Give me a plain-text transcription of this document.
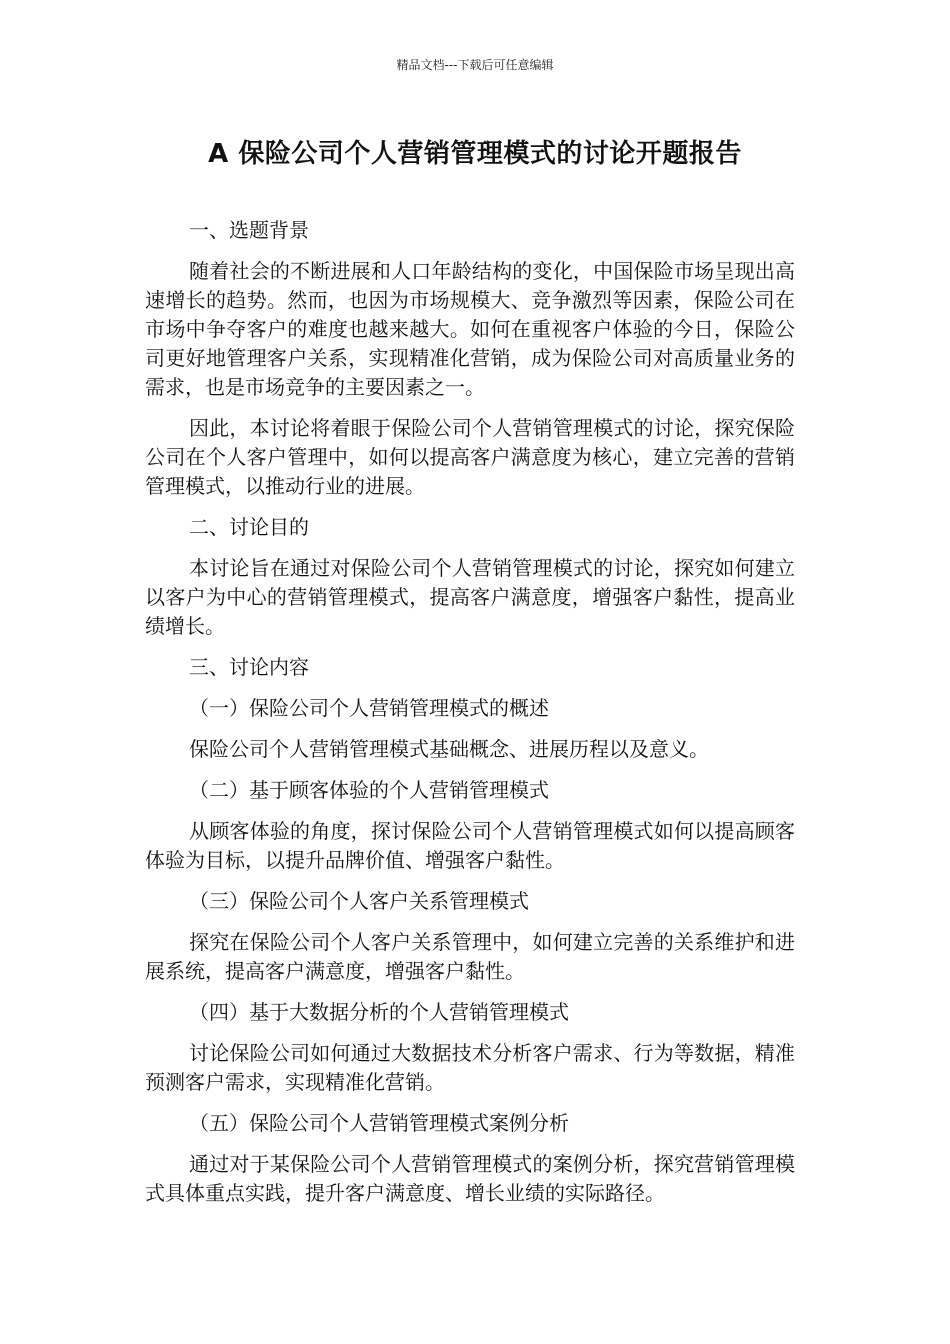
精品文档---下载后可任意编辑
A 保险公司个人营销管理模式的讨论开题报告
一、选题背景
随着社会的不断进展和人口年龄结构的变化，中国保险市场呈现出高速增长的趋势。然而，也因为市场规模大、竞争激烈等因素，保险公司在市场中争夺客户的难度也越来越大。如何在重视客户体验的今日，保险公司更好地管理客户关系，实现精准化营销，成为保险公司对高质量业务的需求，也是市场竞争的主要因素之一。
因此，本讨论将着眼于保险公司个人营销管理模式的讨论，探究保险公司在个人客户管理中，如何以提高客户满意度为核心，建立完善的营销管理模式，以推动行业的进展。
二、讨论目的
本讨论旨在通过对保险公司个人营销管理模式的讨论，探究如何建立以客户为中心的营销管理模式，提高客户满意度，增强客户黏性，提高业绩增长。
三、讨论内容
（一）保险公司个人营销管理模式的概述
保险公司个人营销管理模式基础概念、进展历程以及意义。
（二）基于顾客体验的个人营销管理模式
从顾客体验的角度，探讨保险公司个人营销管理模式如何以提高顾客体验为目标，以提升品牌价值、增强客户黏性。
（三）保险公司个人客户关系管理模式
探究在保险公司个人客户关系管理中，如何建立完善的关系维护和进展系统，提高客户满意度，增强客户黏性。
（四）基于大数据分析的个人营销管理模式
讨论保险公司如何通过大数据技术分析客户需求、行为等数据，精准预测客户需求，实现精准化营销。
（五）保险公司个人营销管理模式案例分析
通过对于某保险公司个人营销管理模式的案例分析，探究营销管理模式具体重点实践，提升客户满意度、增长业绩的实际路径。
